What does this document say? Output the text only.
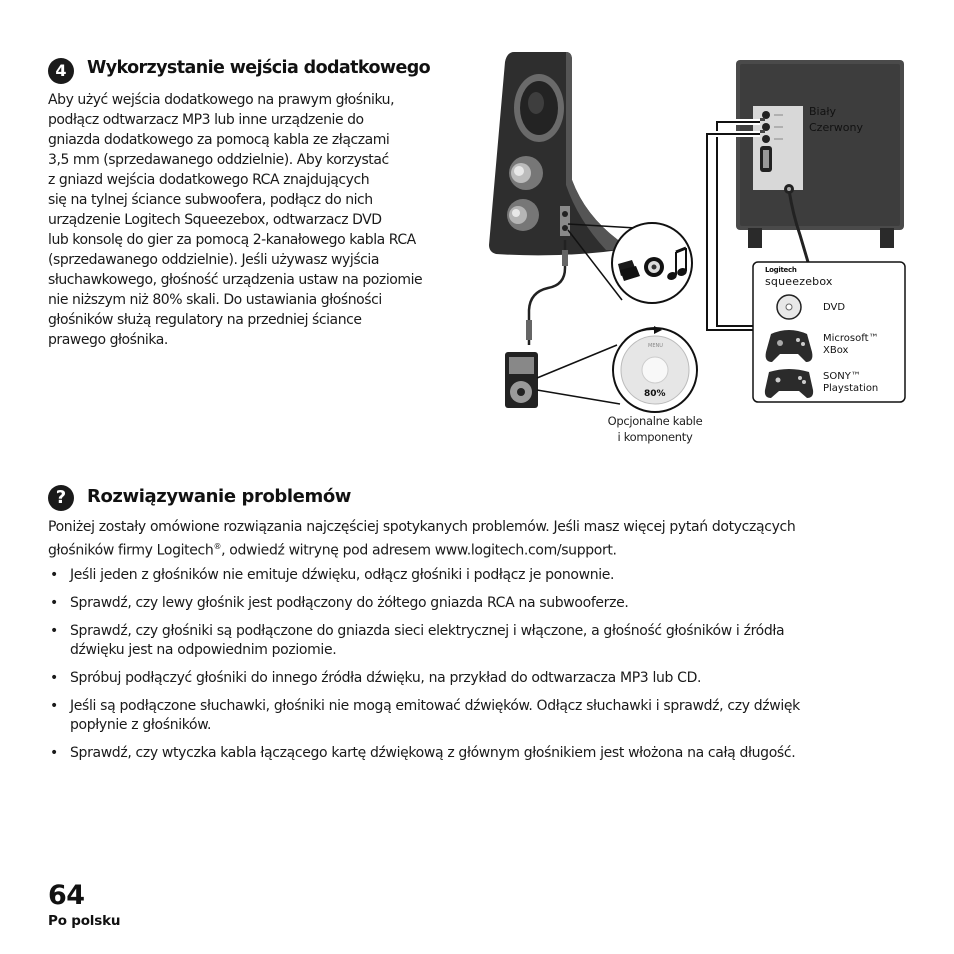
4	Wykorzystanie wejścia dodatkowego
Aby użyć wejścia dodatkowego na prawym głośniku,
podłącz odtwarzacz MP3 lub inne urządzenie do
gniazda dodatkowego za pomocą kabla ze złączami
3,5 mm (sprzedawanego oddzielnie). Aby korzystać
z gniazd wejścia dodatkowego RCA znajdujących
się na tylnej ściance subwoofera, podłącz do nich
urządzenie Logitech Squeezebox, odtwarzacz DVD
lub konsolę do gier za pomocą 2-kanałowego kabla RCA
(sprzedawanego oddzielnie). Jeśli używasz wyjścia
słuchawkowego, głośność urządzenia ustaw na poziomie
nie niższym niż 80% skali. Do ustawiania głośności
głośników służą regulatory na przedniej ściance
prawego głośnika.
Biały
Czerwony
Logitech
squeezebox
DVD
Microsoft™
XBox
SONY™
Playstation
MENU
80%
Opcjonalne kable
i komponenty
?	Rozwiązywanie problemów
Poniżej zostały omówione rozwiązania najczęściej spotykanych problemów. Jeśli masz więcej pytań dotyczących
głośników firmy Logitech®, odwiedź witrynę pod adresem www.logitech.com/support.
• Jeśli jeden z głośników nie emituje dźwięku, odłącz głośniki i podłącz je ponownie.
• Sprawdź, czy lewy głośnik jest podłączony do żółtego gniazda RCA na subwooferze.
• Sprawdź, czy głośniki są podłączone do gniazda sieci elektrycznej i włączone, a głośność głośników i źródła
dźwięku jest na odpowiednim poziomie.
• Spróbuj podłączyć głośniki do innego źródła dźwięku, na przykład do odtwarzacza MP3 lub CD.
• Jeśli są podłączone słuchawki, głośniki nie mogą emitować dźwięków. Odłącz słuchawki i sprawdź, czy dźwięk
popłynie z głośników.
• Sprawdź, czy wtyczka kabla łączącego kartę dźwiękową z głównym głośnikiem jest włożona na całą długość.
64
Po polsku
